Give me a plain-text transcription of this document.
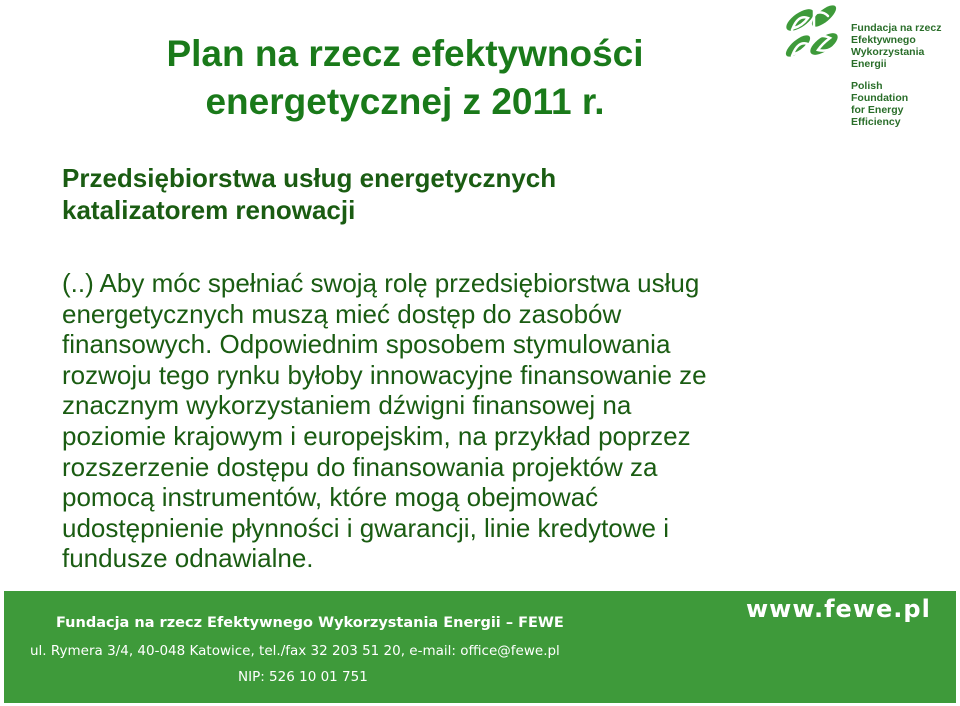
Plan na rzecz efektywności
energetycznej z 2011 r.
Przedsiębiorstwa usług energetycznych
katalizatorem renowacji

(..) Aby móc spełniać swoją rolę przedsiębiorstwa usług
energetycznych muszą mieć dostęp do zasobów
finansowych. Odpowiednim sposobem stymulowania
rozwoju tego rynku byłoby innowacyjne finansowanie ze
znacznym wykorzystaniem dźwigni finansowej na
poziomie krajowym i europejskim, na przykład poprzez
rozszerzenie dostępu do finansowania projektów za
pomocą instrumentów, które mogą obejmować
udostępnienie płynności i gwarancji, linie kredytowe i
fundusze odnawialne.

Fundacja na rzecz
Efektywnego
Wykorzystania
Energii
Polish
Foundation
for Energy
Efficiency
www.fewe.pl
Fundacja na rzecz Efektywnego Wykorzystania Energii – FEWE
ul. Rymera 3/4, 40-048 Katowice, tel./fax 32 203 51 20, e-mail: office@fewe.pl
NIP: 526 10 01 751
